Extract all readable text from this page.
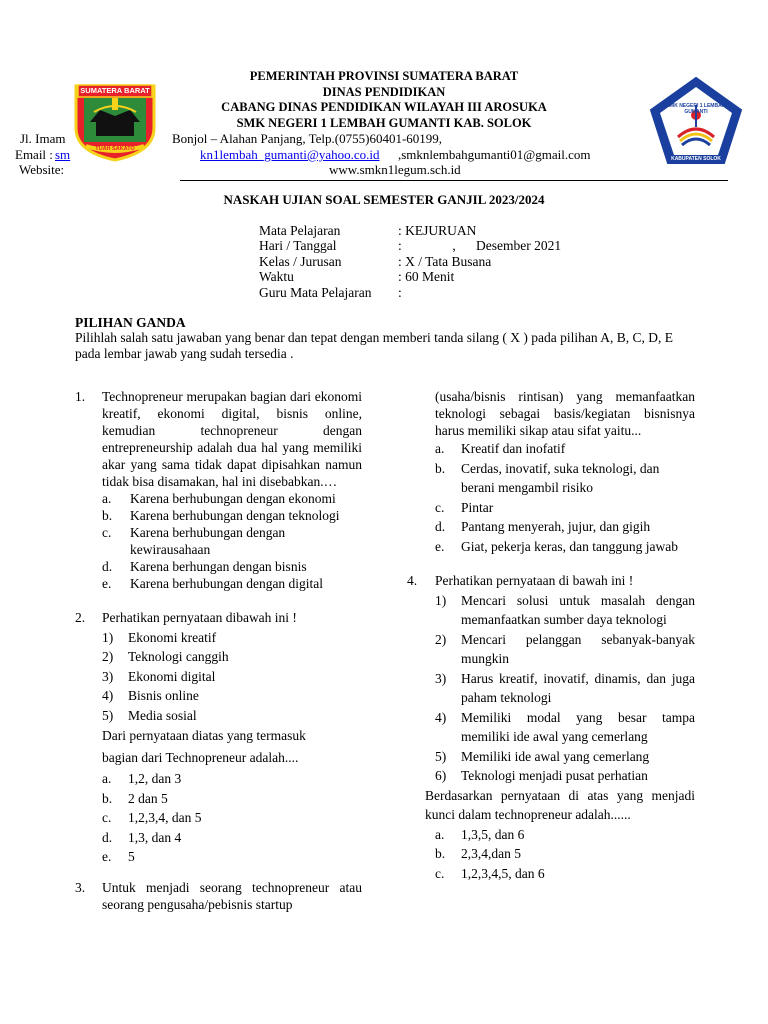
SUMATERA BARAT
TUAH SAKATO
SMK NEGERI 1 LEMBAH GUMANTI
KABUPATEN SOLOK
PEMERINTAH PROVINSI SUMATERA BARAT
DINAS PENDIDIKAN
CABANG DINAS PENDIDIKAN WILAYAH III AROSUKA
SMK NEGERI 1 LEMBAH GUMANTI KAB. SOLOK
Jl. Imam	Bonjol – Alahan Panjang, Telp.(0755)60401-60199,
Email : sm	kn1lembah_gumanti@yahoo.co.id ,smknlembahgumanti01@gmail.com
Website:	www.smkn1legum.sch.id
NASKAH UJIAN SOAL SEMESTER GANJIL 2023/2024
Mata Pelajaran	: KEJURUAN
Hari / Tanggal	:               ,      Desember 2021
Kelas / Jurusan	: X / Tata Busana
Waktu	: 60 Menit
Guru Mata Pelajaran :
PILIHAN GANDA
Pilihlah salah satu jawaban yang benar dan tepat dengan memberi tanda silang ( X ) pada pilihan A, B, C, D, E pada lembar jawab yang sudah tersedia .
1. Technopreneur merupakan bagian dari ekonomi kreatif, ekonomi digital, bisnis online, kemudian technopreneur dengan entrepreneurship adalah dua hal yang memiliki akar yang sama tidak dapat dipisahkan namun tidak bisa disamakan, hal ini disebabkan.…
a. Karena berhubungan dengan ekonomi
b. Karena berhubungan dengan teknologi
c. Karena berhubungan dengan kewirausahaan
d. Karena berhungan dengan bisnis
e. Karena berhubungan dengan digital
2. Perhatikan pernyataan dibawah ini !
1) Ekonomi kreatif
2) Teknologi canggih
3) Ekonomi digital
4) Bisnis online
5) Media sosial
Dari pernyataan diatas yang termasuk bagian dari Technopreneur adalah....
a. 1,2, dan 3
b. 2 dan 5
c. 1,2,3,4, dan 5
d. 1,3, dan 4
e. 5
3. Untuk menjadi seorang technopreneur atau seorang pengusaha/pebisnis startup
(usaha/bisnis rintisan) yang memanfaatkan teknologi sebagai basis/kegiatan bisnisnya harus memiliki sikap atau sifat yaitu...
a. Kreatif dan inofatif
b. Cerdas, inovatif, suka teknologi, dan berani mengambil risiko
c. Pintar
d. Pantang menyerah, jujur, dan gigih
e. Giat, pekerja keras, dan tanggung jawab
4. Perhatikan pernyataan di bawah ini !
1) Mencari solusi untuk masalah dengan memanfaatkan sumber daya teknologi
2) Mencari pelanggan sebanyak-banyak mungkin
3) Harus kreatif, inovatif, dinamis, dan juga paham teknologi
4) Memiliki modal yang besar tampa memiliki ide awal yang cemerlang
5) Memiliki ide awal yang cemerlang
6) Teknologi menjadi pusat perhatian
Berdasarkan pernyataan di atas yang menjadi kunci dalam technopreneur adalah......
a. 1,3,5, dan 6
b. 2,3,4,dan 5
c. 1,2,3,4,5, dan 6
